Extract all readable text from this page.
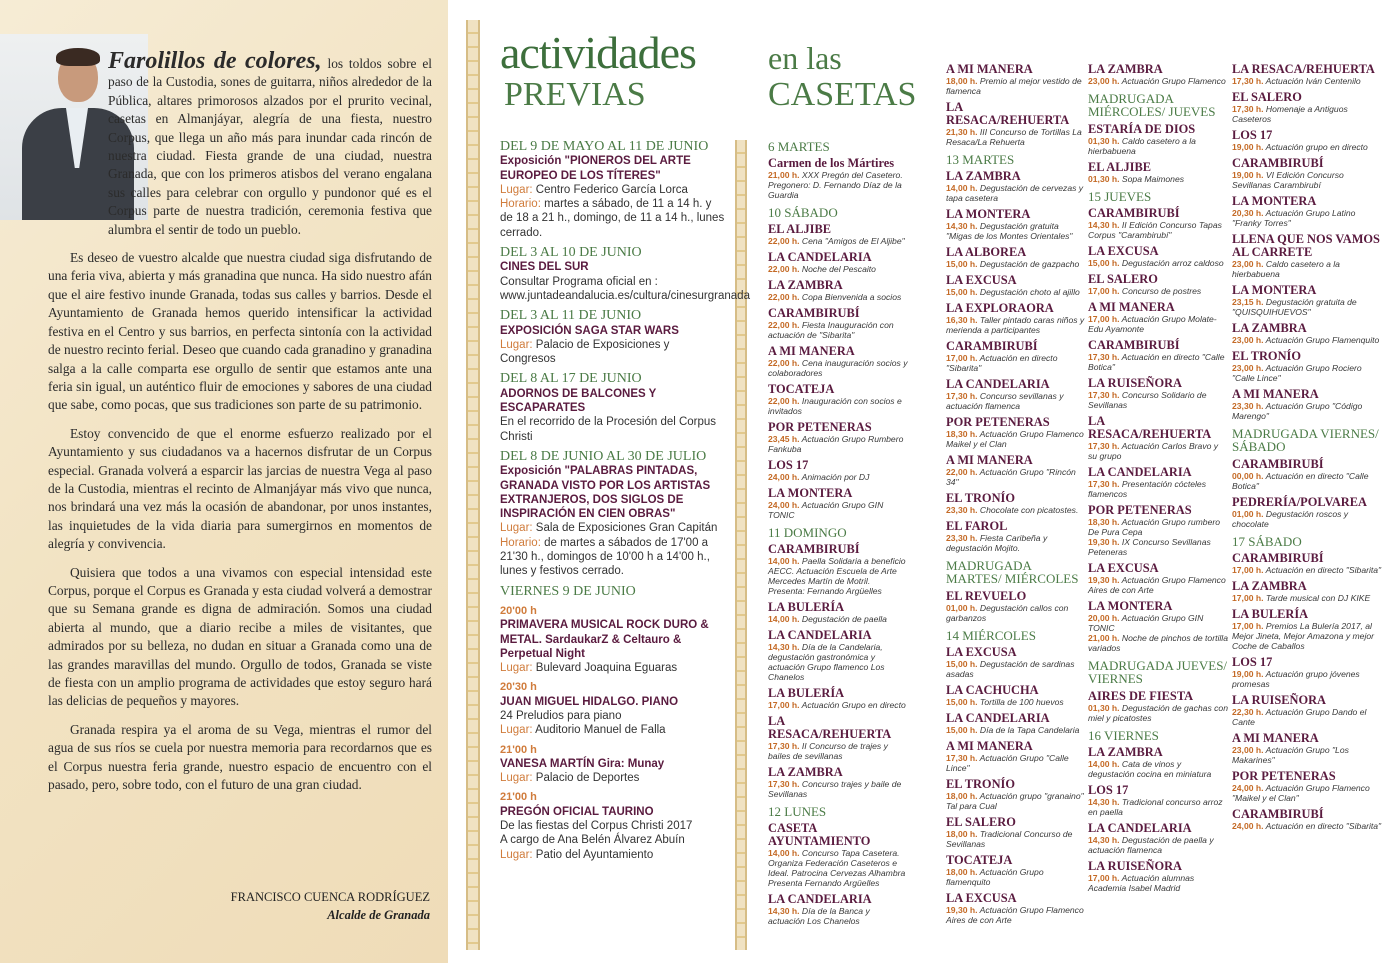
Farolillos de colores, los toldos sobre el paso de la Custodia, sones de guitarra, niños alrededor de la Pública, altares primorosos alzados por el prurito vecinal, casetas en Almanjáyar, alegría de una fiesta, nuestro Corpus, que llega un año más para inundar cada rincón de nuestra ciudad. Fiesta grande de una ciudad, nuestra Granada, que con los primeros atisbos del verano engalana sus calles para celebrar con orgullo y pundonor qué es el Corpus parte de nuestra tradición, ceremonia festiva que alumbra el sentir de todo un pueblo.

Es deseo de vuestro alcalde que nuestra ciudad siga disfrutando de una feria viva, abierta y más granadina que nunca. Ha sido nuestro afán que el aire festivo inunde Granada, todas sus calles y barrios. Desde el Ayuntamiento de Granada hemos querido intensificar la actividad festiva en el Centro y sus barrios, en perfecta sintonía con la actividad de nuestro recinto ferial. Deseo que cuando cada granadino y granadina salga a la calle comparta ese orgullo de sentir que estamos ante una feria sin igual, un auténtico fluir de emociones y sabores de una ciudad que sabe, como pocas, que sus tradiciones son parte de su patrimonio.

Estoy convencido de que el enorme esfuerzo realizado por el Ayuntamiento y sus ciudadanos va a hacernos disfrutar de un Corpus especial. Granada volverá a esparcir las jarcias de nuestra Vega al paso de la Custodia, mientras el recinto de Almanjáyar más vivo que nunca, nos brindará una vez más la ocasión de abandonar, por unos instantes, las inquietudes de la vida diaria para sumergirnos en momentos de alegría y convivencia.

Quisiera que todos a una vivamos con especial intensidad este Corpus, porque el Corpus es Granada y esta ciudad volverá a demostrar que su Semana grande es digna de admiración. Somos una ciudad abierta al mundo, que a diario recibe a miles de visitantes, que admirados por su belleza, no dudan en situar a Granada como una de las grandes maravillas del mundo. Orgullo de todos, Granada se viste de fiesta con un amplio programa de actividades que estoy seguro hará las delicias de pequeños y mayores.

Granada respira ya el aroma de su Vega, mientras el rumor del agua de sus ríos se cuela por nuestra memoria para recordarnos que es el Corpus nuestra feria grande, nuestro espacio de encuentro con el pasado, pero, sobre todo, con el futuro de una gran ciudad.

FRANCISCO CUENCA RODRÍGUEZ
Alcalde de Granada
actividades
PREVIAS
en las
CASETAS
DEL 9 DE MAYO AL 11 DE JUNIO
Exposición "PIONEROS DEL ARTE EUROPEO DE LOS TÍTERES"
Lugar: Centro Federico García Lorca
Horario: martes a sábado, de 11 a 14 h. y de 18 a 21 h., domingo, de 11 a 14 h., lunes cerrado.
DEL 3 AL 10 DE JUNIO
CINES DEL SUR
Consultar Programa oficial en : www.juntadeandalucia.es/cultura/cinesurgranada
DEL 3 AL 11 DE JUNIO
EXPOSICIÓN SAGA STAR WARS
Lugar: Palacio de Exposiciones y Congresos
DEL 8 AL 17 DE JUNIO
ADORNOS DE BALCONES Y ESCAPARATES
En el recorrido de la Procesión del Corpus Christi
DEL 8 DE JUNIO AL 30 DE JULIO
Exposición "PALABRAS PINTADAS, GRANADA VISTO POR LOS ARTISTAS EXTRANJEROS, DOS SIGLOS DE INSPIRACIÓN EN CIEN OBRAS"
Lugar: Sala de Exposiciones Gran Capitán
Horario: de martes a sábados de 17'00 a 21'30 h., domingos de 10'00 h a 14'00 h., lunes y festivos cerrado.
VIERNES 9 DE JUNIO
20'00 h
PRIMAVERA MUSICAL ROCK DURO & METAL. SardaukarZ & Celtauro & Perpetual Night
Lugar: Bulevard Joaquina Eguaras
20'30 h
JUAN MIGUEL HIDALGO. PIANO
24 Preludios para piano
Lugar: Auditorio Manuel de Falla
21'00 h
VANESA MARTÍN Gira: Munay
Lugar: Palacio de Deportes
21'00 h
PREGÓN OFICIAL TAURINO
De las fiestas del Corpus Christi 2017
A cargo de Ana Belén Álvarez Abuín
Lugar: Patio del Ayuntamiento
6 MARTES
Carmen de los Mártires
21,00 h. XXX Pregón del Casetero. Pregonero: D. Fernando Díaz de la Guardia
10 SÁBADO
EL ALJIBE
22,00 h. Cena "Amigos de El Aljibe"
LA CANDELARIA
22,00 h. Noche del Pescaito
LA ZAMBRA
22,00 h. Copa Bienvenida a socios
CARAMBIRUBÍ
22,00 h. Fiesta Inauguración con actuación de "Sibarita"
A MI MANERA
22,00 h. Cena inauguración socios y colaboradores
TOCATEJA
22,00 h. Inauguración con socios e invitados
POR PETENERAS
23,45 h. Actuación Grupo Rumbero Fankuba
LOS 17
24,00 h. Animación por DJ
LA MONTERA
24,00 h. Actuación Grupo GIN TONIC
11 DOMINGO
CARAMBIRUBÍ
14,00 h. Paella Solidaria a beneficio AECC. Actuación Escuela de Arte Mercedes Martín de Motril. Presenta: Fernando Argüelles
LA BULERÍA
14,00 h. Degustación de paella
LA CANDELARIA
14,30 h. Día de la Candelaria, degustación gastronómica y actuación Grupo flamenco Los Chanelos
LA BULERÍA
17,00 h. Actuación Grupo en directo
LA RESACA/REHUERTA
17,30 h. II Concurso de trajes y bailes de sevillanas
LA ZAMBRA
17,30 h. Concurso trajes y baile de Sevillanas
12 LUNES
CASETA AYUNTAMIENTO
14,00 h. Concurso Tapa Casetera. Organiza Federación Caseteros e Ideal. Patrocina Cervezas Alhambra Presenta Fernando Argüelles
LA CANDELARIA
14,30 h. Día de la Banca y actuación Los Chanelos
A MI MANERA
18,00 h. Premio al mejor vestido de flamenca
LA RESACA/REHUERTA
21,30 h. III Concurso de Tortillas La Resaca/La Rehuerta
13 MARTES
LA ZAMBRA
14,00 h. Degustación de cervezas y tapa casetera
LA MONTERA
14,30 h. Degustación gratuita "Migas de los Montes Orientales"
LA ALBOREA
15,00 h. Degustación de gazpacho
LA EXCUSA
15,00 h. Degustación choto al ajillo
LA EXPLORAORA
16,30 h. Taller pintado caras niños y merienda a participantes
CARAMBIRUBÍ
17,00 h. Actuación en directo "Sibarita"
LA CANDELARIA
17,30 h. Concurso sevillanas y actuación flamenca
POR PETENERAS
18,30 h. Actuación Grupo Flamenco Maikel y el Clan
A MI MANERA
22,00 h. Actuación Grupo "Rincón 34"
EL TRONÍO
23,30 h. Chocolate con picatostes.
EL FAROL
23,30 h. Fiesta Caribeña y degustación Mojito.
MADRUGADA MARTES/ MIÉRCOLES
EL REVUELO
01,00 h. Degustación callos con garbanzos
14 MIÉRCOLES
LA EXCUSA
15,00 h. Degustación de sardinas asadas
LA CACHUCHA
15,00 h. Tortilla de 100 huevos
LA CANDELARIA
15,00 h. Día de la Tapa Candelaria
A MI MANERA
17,30 h. Actuación Grupo "Calle Lince"
EL TRONÍO
18,00 h. Actuación grupo "granaino" Tal para Cual
EL SALERO
18,00 h. Tradicional Concurso de Sevillanas
TOCATEJA
18,00 h. Actuación Grupo flamenquito
LA EXCUSA
19,30 h. Actuación Grupo Flamenco Aires de con Arte
LA ZAMBRA
23,00 h. Actuación Grupo Flamenco
MADRUGADA MIÉRCOLES/ JUEVES
ESTARÍA DE DIOS
01,30 h. Caldo casetero a la hierbabuena
EL ALJIBE
01,30 h. Sopa Maimones
15 JUEVES
CARAMBIRUBÍ
14,30 h. II Edición Concurso Tapas Corpus "Carambirubí"
LA EXCUSA
15,00 h. Degustación arroz caldoso
EL SALERO
17,00 h. Concurso de postres
A MI MANERA
17,00 h. Actuación Grupo Molate-Edu Ayamonte
CARAMBIRUBÍ
17,30 h. Actuación en directo "Calle Botica"
LA RUISEÑORA
17,30 h. Concurso Solidario de Sevillanas
LA RESACA/REHUERTA
17,30 h. Actuación Carlos Bravo y su grupo
LA CANDELARIA
17,30 h. Presentación cócteles flamencos
POR PETENERAS
18,30 h. Actuación Grupo rumbero De Pura Cepa
19,30 h. IX Concurso Sevillanas Peteneras
LA EXCUSA
19,30 h. Actuación Grupo Flamenco Aires de con Arte
LA MONTERA
20,00 h. Actuación Grupo GIN TONIC
21,00 h. Noche de pinchos de tortilla variados
MADRUGADA JUEVES/ VIERNES
AIRES DE FIESTA
01,30 h. Degustación de gachas con miel y picatostes
16 VIERNES
LA ZAMBRA
14,00 h. Cata de vinos y degustación cocina en miniatura
LOS 17
14,30 h. Tradicional concurso arroz en paella
LA CANDELARIA
14,30 h. Degustación de paella y actuación flamenca
LA RUISEÑORA
17,00 h. Actuación alumnas Academia Isabel Madrid
LA RESACA/REHUERTA
17,30 h. Actuación Iván Centenilo
EL SALERO
17,30 h. Homenaje a Antiguos Caseteros
LOS 17
19,00 h. Actuación grupo en directo
CARAMBIRUBÍ
19,00 h. VI Edición Concurso Sevillanas Carambirubí
LA MONTERA
20,30 h. Actuación Grupo Latino "Franky Torres"
LLENA QUE NOS VAMOS AL CARRETE
23,00 h. Caldo casetero a la hierbabuena
LA MONTERA
23,15 h. Degustación gratuita de "QUISQUIHUEVOS"
LA ZAMBRA
23,00 h. Actuación Grupo Flamenquito
EL TRONÍO
23,00 h. Actuación Grupo Rociero "Calle Lince"
A MI MANERA
23,30 h. Actuación Grupo "Código Marengo"
MADRUGADA VIERNES/ SÁBADO
CARAMBIRUBÍ
00,00 h. Actuación en directo "Calle Botica"
PEDRERÍA/POLVAREA
01,00 h. Degustación roscos y chocolate
17 SÁBADO
CARAMBIRUBÍ
17,00 h. Actuación en directo "Sibarita"
LA ZAMBRA
17,00 h. Tarde musical con DJ KIKE
LA BULERÍA
17,00 h. Premios La Bulería 2017, al Mejor Jineta, Mejor Amazona y mejor Coche de Caballos
LOS 17
19,00 h. Actuación grupo jóvenes promesas
LA RUISEÑORA
22,30 h. Actuación Grupo Dando el Cante
A MI MANERA
23,00 h. Actuación Grupo "Los Makarines"
POR PETENERAS
24,00 h. Actuación Grupo Flamenco "Maikel y el Clan"
CARAMBIRUBÍ
24,00 h. Actuación en directo "Sibarita"
